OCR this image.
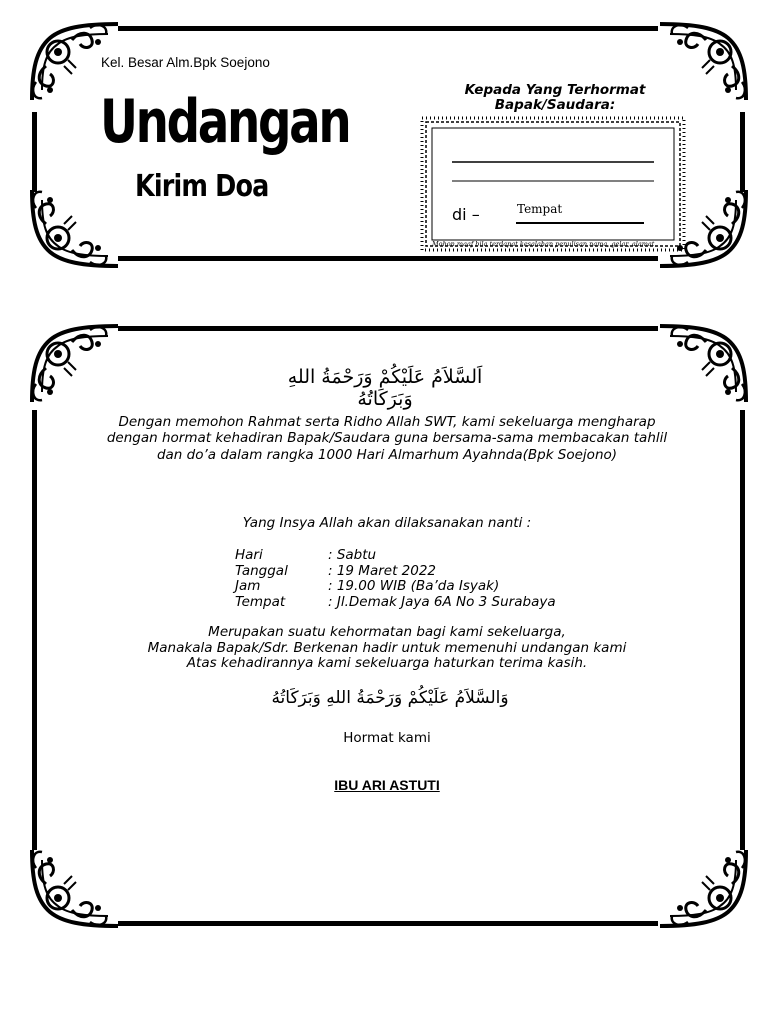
Kel. Besar Alm.Bpk Soejono
Undangan
Kirim Doa
Kepada Yang Terhormat
Bapak/Saudara:
di –	Tempat
Mohon maaf bila terdapat kesalahan penulisan nama, gelar, alamat
اَلسَّلاَمُ عَلَيْكُمْ وَرَحْمَةُ اللهِ وَبَرَكَاتُهُ
Dengan memohon Rahmat serta Ridho Allah SWT, kami sekeluarga mengharap
dengan hormat kehadiran Bapak/Saudara guna bersama-sama membacakan tahlil
dan do’a dalam rangka 1000 Hari Almarhum Ayahnda(Bpk Soejono)
Yang Insya Allah akan dilaksanakan nanti :
Hari	: Sabtu
Tanggal	: 19 Maret 2022
Jam	: 19.00 WIB (Ba’da Isyak)
Tempat	: Jl.Demak Jaya 6A No 3 Surabaya
Merupakan suatu kehormatan bagi kami sekeluarga,
Manakala Bapak/Sdr. Berkenan hadir untuk memenuhi undangan kami
Atas kehadirannya kami sekeluarga haturkan terima kasih.
وَالسَّلاَمُ عَلَيْكُمْ وَرَحْمَةُ اللهِ وَبَرَكَاتُهُ
Hormat kami
IBU ARI ASTUTI
